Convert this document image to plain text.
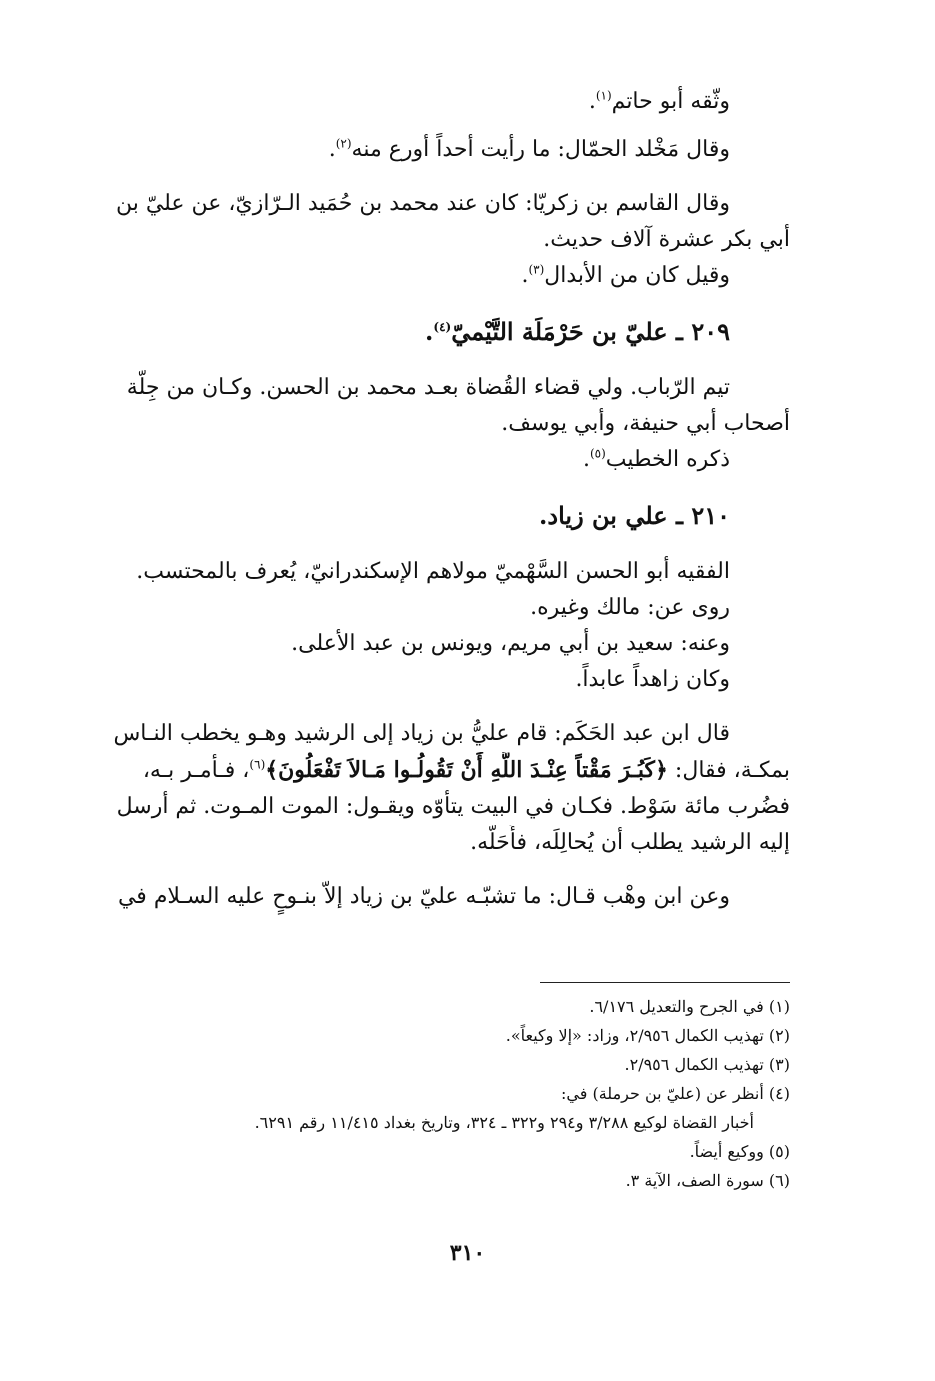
وثّقه أبو حاتم$^{(١)}$.

وقال مَخْلد الحمّال: ما رأيت أحداً أورع منه$^{(٢)}$.

وقال القاسم بن زكريّا: كان عند محمد بن حُمَيد الـرّازيّ، عن عليّ بن

أبي بكر عشرة آلاف حديث.

وقيل كان من الأبدال$^{(٣)}$.

٢٠٩ ـ عليّ بن حَرْمَلَة التَّيْميّ$^{(٤)}$.

تيم الرّباب. ولي قضاء القُضاة بعـد محمد بن الحسن. وكـان من جِلّة

أصحاب أبي حنيفة، وأبي يوسف.

ذكره الخطيب$^{(٥)}$.

٢١٠ ـ علي بن زياد.

الفقيه أبو الحسن السَّهْميّ مولاهم الإسكندرانيّ، يُعرف بالمحتسب.

روى عن: مالك وغيره.

وعنه: سعيد بن أبي مريم، ويونس بن عبد الأعلى.

وكان زاهداً عابداً.

قال ابن عبد الحَكَم: قام عليُّ بن زياد إلى الرشيد وهـو يخطب النـاس

بمكـة، فقال: ﴿كَبُـرَ مَقْتاً عِنْـدَ اللَّهِ أَنْ تَقُولُـوا مَـالاَ تَفْعَلُونَ﴾$^{(٦)}$، فـأمـر بـه،

فضُرب مائة سَوْط. فكـان في البيت يتأوّه ويقـول: الموت المـوت. ثم أرسل

إليه الرشيد يطلب أن يُحالِلَه، فأَحَلّه.

وعن ابن وهْب قـال: ما تشبّـه عليّ بن زياد إلاّ بنـوحٍ عليه السـلام في

(١) في الجرح والتعديل ٦/١٧٦.

(٢) تهذيب الكمال ٢/٩٥٦، وزاد: «إلا وكيعاً».

(٣) تهذيب الكمال ٢/٩٥٦.

(٤) أنظر عن (عليّ بن حرملة) في:

أخبار القضاة لوكيع ٣/٢٨٨ و٢٩٤ و٣٢٢ ـ ٣٢٤، وتاريخ بغداد ١١/٤١٥ رقم ٦٢٩١.

(٥) ووكيع أيضاً.

(٦) سورة الصف، الآية ٣.

٣١٠
